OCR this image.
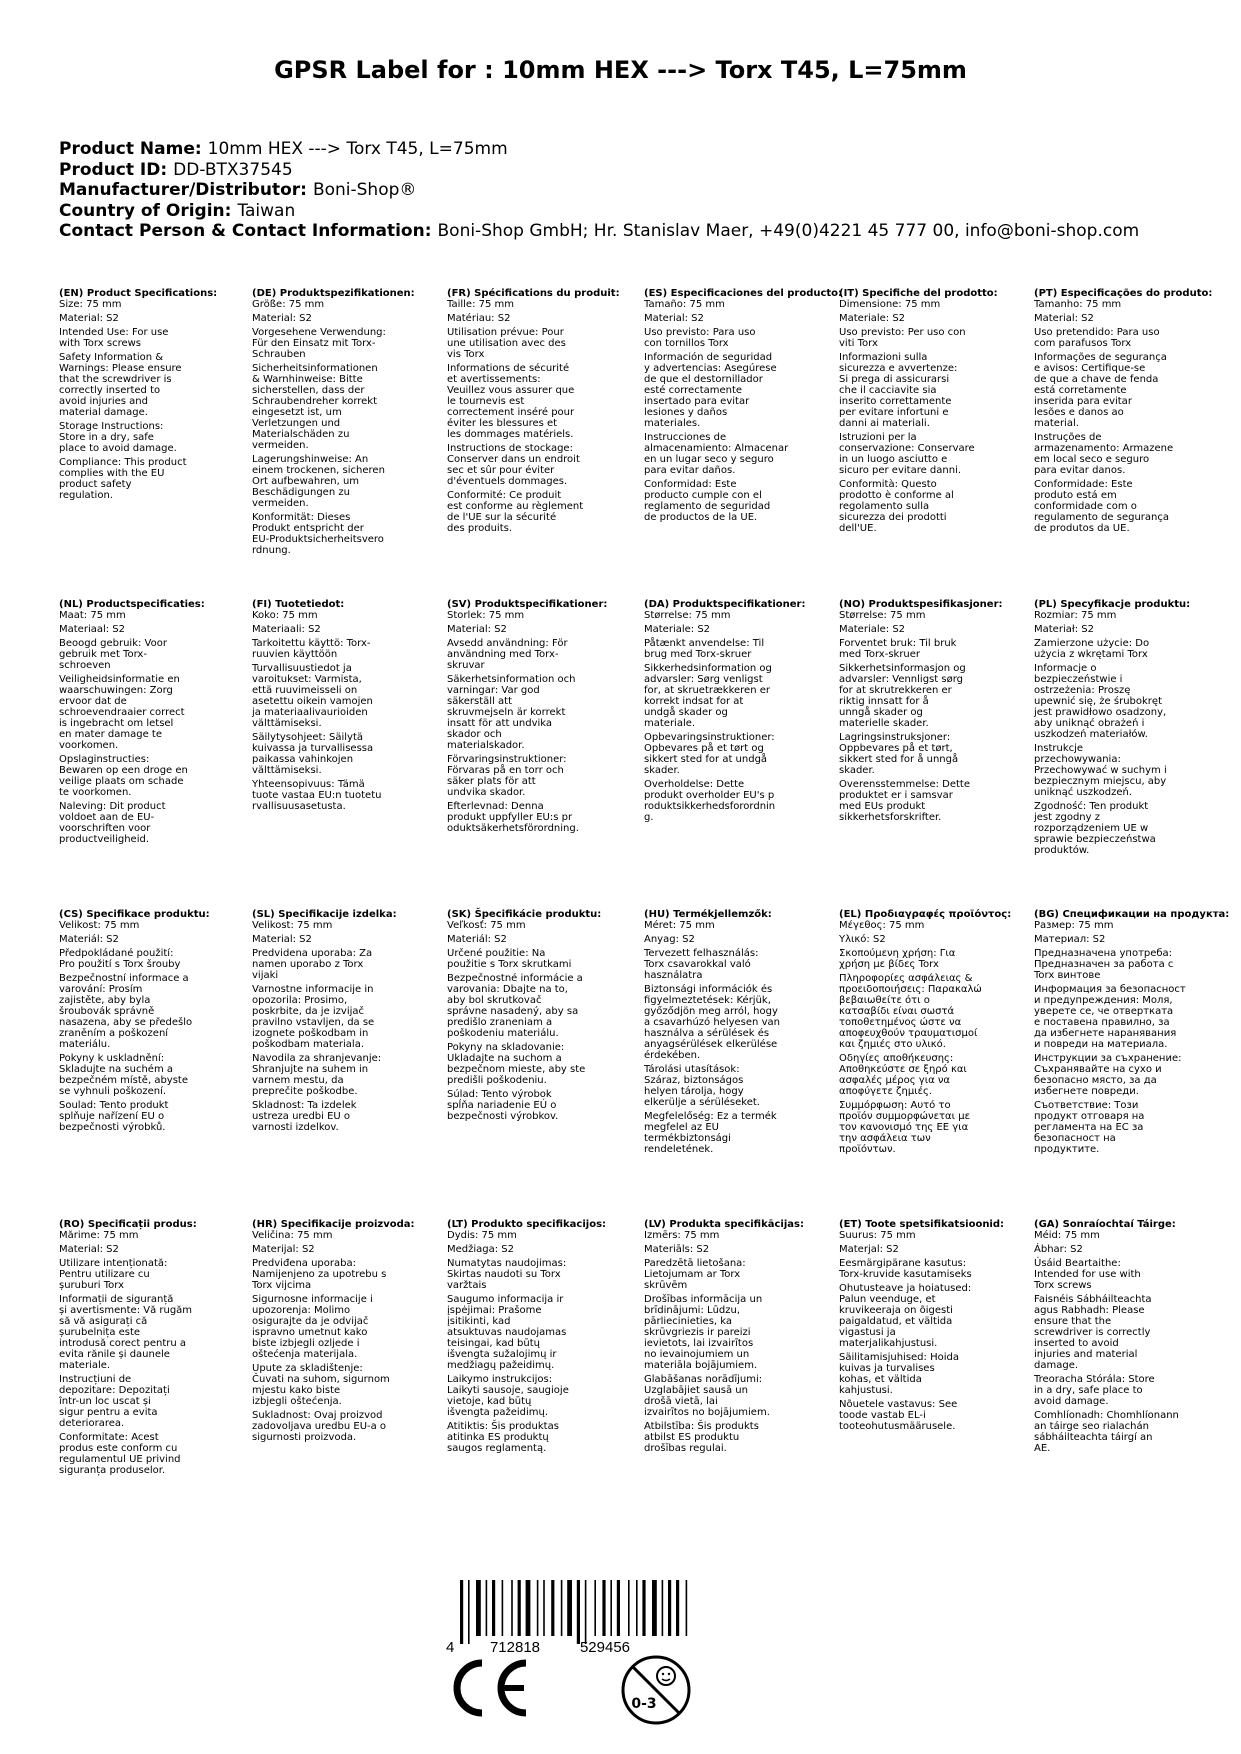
GPSR Label for : 10mm HEX ---> Torx T45, L=75mm
Product Name: 10mm HEX ---> Torx T45, L=75mm
Product ID: DD-BTX37545
Manufacturer/Distributor: Boni-Shop®
Country of Origin: Taiwan
Contact Person & Contact Information: Boni-Shop GmbH; Hr. Stanislav Maer, +49(0)4221 45 777 00, info@boni-shop.com
(EN) Product Specifications:
Size: 75 mm
Material: S2
Intended Use: For use
with Torx screws
Safety Information &
Warnings: Please ensure
that the screwdriver is
correctly inserted to
avoid injuries and
material damage.
Storage Instructions:
Store in a dry, safe
place to avoid damage.
Compliance: This product
complies with the EU
product safety
regulation.
(DE) Produktspezifikationen:
Größe: 75 mm
Material: S2
Vorgesehene Verwendung:
Für den Einsatz mit Torx-
Schrauben
Sicherheitsinformationen
& Warnhinweise: Bitte
sicherstellen, dass der
Schraubendreher korrekt
eingesetzt ist, um
Verletzungen und
Materialschäden zu
vermeiden.
Lagerungshinweise: An
einem trockenen, sicheren
Ort aufbewahren, um
Beschädigungen zu
vermeiden.
Konformität: Dieses
Produkt entspricht der
EU-Produktsicherheitsvero
rdnung.
(FR) Spécifications du produit:
Taille: 75 mm
Matériau: S2
Utilisation prévue: Pour
une utilisation avec des
vis Torx
Informations de sécurité
et avertissements:
Veuillez vous assurer que
le tournevis est
correctement inséré pour
éviter les blessures et
les dommages matériels.
Instructions de stockage:
Conserver dans un endroit
sec et sûr pour éviter
d'éventuels dommages.
Conformité: Ce produit
est conforme au règlement
de l'UE sur la sécurité
des produits.
(ES) Especificaciones del producto:
Tamaño: 75 mm
Material: S2
Uso previsto: Para uso
con tornillos Torx
Información de seguridad
y advertencias: Asegúrese
de que el destornillador
esté correctamente
insertado para evitar
lesiones y daños
materiales.
Instrucciones de
almacenamiento: Almacenar
en un lugar seco y seguro
para evitar daños.
Conformidad: Este
producto cumple con el
reglamento de seguridad
de productos de la UE.
(IT) Specifiche del prodotto:
Dimensione: 75 mm
Materiale: S2
Uso previsto: Per uso con
viti Torx
Informazioni sulla
sicurezza e avvertenze:
Si prega di assicurarsi
che il cacciavite sia
inserito correttamente
per evitare infortuni e
danni ai materiali.
Istruzioni per la
conservazione: Conservare
in un luogo asciutto e
sicuro per evitare danni.
Conformità: Questo
prodotto è conforme al
regolamento sulla
sicurezza dei prodotti
dell'UE.
(PT) Especificações do produto:
Tamanho: 75 mm
Material: S2
Uso pretendido: Para uso
com parafusos Torx
Informações de segurança
e avisos: Certifique-se
de que a chave de fenda
está corretamente
inserida para evitar
lesões e danos ao
material.
Instruções de
armazenamento: Armazene
em local seco e seguro
para evitar danos.
Conformidade: Este
produto está em
conformidade com o
regulamento de segurança
de produtos da UE.
(NL) Productspecificaties:
Maat: 75 mm
Materiaal: S2
Beoogd gebruik: Voor
gebruik met Torx-
schroeven
Veiligheidsinformatie en
waarschuwingen: Zorg
ervoor dat de
schroevendraaier correct
is ingebracht om letsel
en mater damage te
voorkomen.
Opslaginstructies:
Bewaren op een droge en
veilige plaats om schade
te voorkomen.
Naleving: Dit product
voldoet aan de EU-
voorschriften voor
productveiligheid.
(FI) Tuotetiedot:
Koko: 75 mm
Materiaali: S2
Tarkoitettu käyttö: Torx-
ruuvien käyttöön
Turvallisuustiedot ja
varoitukset: Varmista,
että ruuvimeisseli on
asetettu oikein vamojen
ja materiaalivaurioiden
välttämiseksi.
Säilytysohjeet: Säilytä
kuivassa ja turvallisessa
paikassa vahinkojen
välttämiseksi.
Yhteensopivuus: Tämä
tuote vastaa EU:n tuotetu
rvallisuusasetusta.
(SV) Produktspecifikationer:
Storlek: 75 mm
Material: S2
Avsedd användning: För
användning med Torx-
skruvar
Säkerhetsinformation och
varningar: Var god
säkerställ att
skruvmejseln är korrekt
insatt för att undvika
skador och
materialskador.
Förvaringsinstruktioner:
Förvaras på en torr och
säker plats för att
undvika skador.
Efterlevnad: Denna
produkt uppfyller EU:s pr
oduktsäkerhetsförordning.
(DA) Produktspecifikationer:
Størrelse: 75 mm
Materiale: S2
Påtænkt anvendelse: Til
brug med Torx-skruer
Sikkerhedsinformation og
advarsler: Sørg venligst
for, at skruetrækkeren er
korrekt indsat for at
undgå skader og
materiale.
Opbevaringsinstruktioner:
Opbevares på et tørt og
sikkert sted for at undgå
skader.
Overholdelse: Dette
produkt overholder EU's p
roduktsikkerhedsforordnin
g.
(NO) Produktspesifikasjoner:
Størrelse: 75 mm
Materiale: S2
Forventet bruk: Til bruk
med Torx-skruer
Sikkerhetsinformasjon og
advarsler: Vennligst sørg
for at skrutrekkeren er
riktig innsatt for å
unngå skader og
materielle skader.
Lagringsinstruksjoner:
Oppbevares på et tørt,
sikkert sted for å unngå
skader.
Overensstemmelse: Dette
produktet er i samsvar
med EUs produkt
sikkerhetsforskrifter.
(PL) Specyfikacje produktu:
Rozmiar: 75 mm
Materiał: S2
Zamierzone użycie: Do
użycia z wkrętami Torx
Informacje o
bezpieczeństwie i
ostrzeżenia: Proszę
upewnić się, że śrubokręt
jest prawidłowo osadzony,
aby uniknąć obrażeń i
uszkodzeń materiałów.
Instrukcje
przechowywania:
Przechowywać w suchym i
bezpiecznym miejscu, aby
uniknąć uszkodzeń.
Zgodność: Ten produkt
jest zgodny z
rozporządzeniem UE w
sprawie bezpieczeństwa
produktów.
(CS) Specifikace produktu:
Velikost: 75 mm
Materiál: S2
Předpokládané použití:
Pro použití s Torx šrouby
Bezpečnostní informace a
varování: Prosím
zajistěte, aby byla
šroubovák správně
nasazena, aby se předešlo
zraněním a poškození
materiálu.
Pokyny k uskladnění:
Skladujte na suchém a
bezpečném místě, abyste
se vyhnuli poškození.
Soulad: Tento produkt
splňuje nařízení EU o
bezpečnosti výrobků.
(SL) Specifikacije izdelka:
Velikost: 75 mm
Material: S2
Predvidena uporaba: Za
namen uporabo z Torx
vijaki
Varnostne informacije in
opozorila: Prosimo,
poskrbite, da je izvijač
pravilno vstavljen, da se
izognete poškodbam in
poškodbam materiala.
Navodila za shranjevanje:
Shranjujte na suhem in
varnem mestu, da
preprečite poškodbe.
Skladnost: Ta izdelek
ustreza uredbi EU o
varnosti izdelkov.
(SK) Špecifikácie produktu:
Veľkosť: 75 mm
Materiál: S2
Určené použitie: Na
použitie s Torx skrutkami
Bezpečnostné informácie a
varovania: Dbajte na to,
aby bol skrutkovač
správne nasadený, aby sa
predišlo zraneniam a
poškodeniu materiálu.
Pokyny na skladovanie:
Ukladajte na suchom a
bezpečnom mieste, aby ste
predišli poškodeniu.
Súlad: Tento výrobok
spĺňa nariadenie EÚ o
bezpečnosti výrobkov.
(HU) Termékjellemzők:
Méret: 75 mm
Anyag: S2
Tervezett felhasználás:
Torx csavarokkal való
használatra
Biztonsági információk és
figyelmeztetések: Kérjük,
győződjön meg arról, hogy
a csavarhúzó helyesen van
használva a sérülések és
anyagsérülések elkerülése
érdekében.
Tárolási utasítások:
Száraz, biztonságos
helyen tárolja, hogy
elkerülje a sérüléseket.
Megfelelőség: Ez a termék
megfelel az EU
termékbiztonsági
rendeletének.
(EL) Προδιαγραφές προϊόντος:
Μέγεθος: 75 mm
Υλικό: S2
Σκοπούμενη χρήση: Για
χρήση με βίδες Torx
Πληροφορίες ασφάλειας &
προειδοποιήσεις: Παρακαλώ
βεβαιωθείτε ότι ο
κατσαβίδι είναι σωστά
τοποθετημένος ώστε να
αποφευχθούν τραυματισμοί
και ζημιές στο υλικό.
Οδηγίες αποθήκευσης:
Αποθηκεύστε σε ξηρό και
ασφαλές μέρος για να
αποφύγετε ζημιές.
Συμμόρφωση: Αυτό το
προϊόν συμμορφώνεται με
τον κανονισμό της ΕΕ για
την ασφάλεια των
προϊόντων.
(BG) Спецификации на продукта:
Размер: 75 mm
Материал: S2
Предназначена употреба:
Предназначен за работа с
Torx винтове
Информация за безопасност
и предупреждения: Моля,
уверете се, че отвертката
е поставена правилно, за
да избегнете наранявания
и повреди на материала.
Инструкции за съхранение:
Съхранявайте на сухо и
безопасно място, за да
избегнете повреди.
Съответствие: Този
продукт отговаря на
регламента на ЕС за
безопасност на
продуктите.
(RO) Specificații produs:
Mărime: 75 mm
Material: S2
Utilizare intenționată:
Pentru utilizare cu
șuruburi Torx
Informații de siguranță
și avertismente: Vă rugăm
să vă asigurați că
șurubelnița este
introdusă corect pentru a
evita rănile și daunele
materiale.
Instrucțiuni de
depozitare: Depozitați
într-un loc uscat și
sigur pentru a evita
deteriorarea.
Conformitate: Acest
produs este conform cu
regulamentul UE privind
siguranța produselor.
(HR) Specifikacije proizvoda:
Veličina: 75 mm
Materijal: S2
Predviđena uporaba:
Namijenjeno za upotrebu s
Torx vijcima
Sigurnosne informacije i
upozorenja: Molimo
osigurajte da je odvijač
ispravno umetnut kako
biste izbjegli ozljede i
oštećenja materijala.
Upute za skladištenje:
Čuvati na suhom, sigurnom
mjestu kako biste
izbjegli oštećenja.
Sukladnost: Ovaj proizvod
zadovoljava uredbu EU-a o
sigurnosti proizvoda.
(LT) Produkto specifikacijos:
Dydis: 75 mm
Medžiaga: S2
Numatytas naudojimas:
Skirtas naudoti su Torx
varžtais
Saugumo informacija ir
įspėjimai: Prašome
įsitikinti, kad
atsuktuvas naudojamas
teisingai, kad būtų
išvengta sužalojimų ir
medžiagų pažeidimų.
Laikymo instrukcijos:
Laikyti sausoje, saugioje
vietoje, kad būtų
išvengta pažeidimų.
Atitiktis: Šis produktas
atitinka ES produktų
saugos reglamentą.
(LV) Produkta specifikācijas:
Izmērs: 75 mm
Materiāls: S2
Paredzētā lietošana:
Lietojumam ar Torx
skrūvēm
Drošības informācija un
brīdinājumi: Lūdzu,
pārliecinieties, ka
skrūvgriezis ir pareizi
ievietots, lai izvairītos
no ievainojumiem un
materiāla bojājumiem.
Glabāšanas norādījumi:
Uzglabājiet sausā un
drošā vietā, lai
izvairītos no bojājumiem.
Atbilstība: Šis produkts
atbilst ES produktu
drošības regulai.
(ET) Toote spetsifikatsioonid:
Suurus: 75 mm
Materjal: S2
Eesmärgipärane kasutus:
Torx-kruvide kasutamiseks
Ohutusteave ja hoiatused:
Palun veenduge, et
kruvikeeraja on õigesti
paigaldatud, et vältida
vigastusi ja
materjalikahjustusi.
Säilitamisjuhised: Hoida
kuivas ja turvalises
kohas, et vältida
kahjustusi.
Nõuetele vastavus: See
toode vastab EL-i
tooteohutusmäärusele.
(GA) Sonraíochtaí Táirge:
Méid: 75 mm
Ábhar: S2
Úsáid Beartaithe:
Intended for use with
Torx screws
Faisnéis Sábháilteachta
agus Rabhadh: Please
ensure that the
screwdriver is correctly
inserted to avoid
injuries and material
damage.
Treoracha Stórála: Store
in a dry, safe place to
avoid damage.
Comhlíonadh: Chomhlíonann
an táirge seo rialachán
sábháilteachta táirgí an
AE.
4 712818	529456
0-3
